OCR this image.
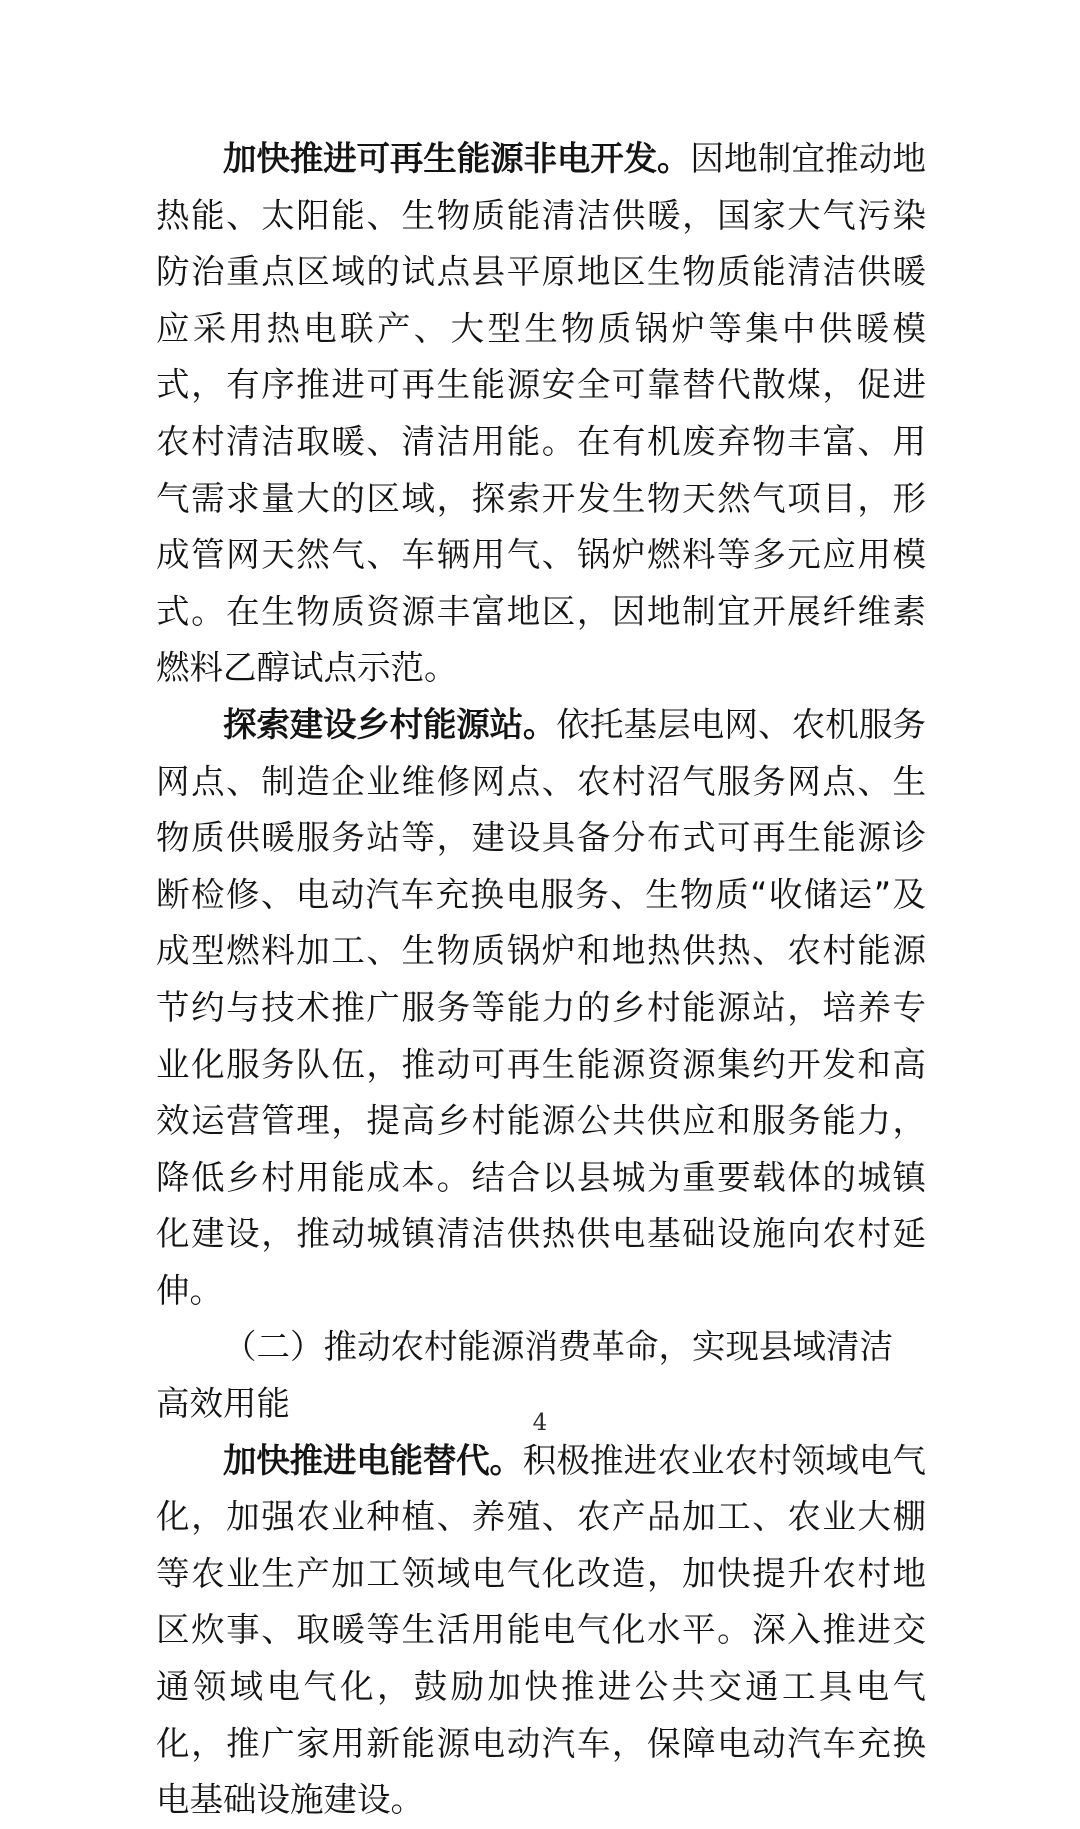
加快推进可再生能源非电开发。因地制宜推动地热能、太阳能、生物质能清洁供暖，国家大气污染防治重点区域的试点县平原地区生物质能清洁供暖应采用热电联产、大型生物质锅炉等集中供暖模式，有序推进可再生能源安全可靠替代散煤，促进农村清洁取暖、清洁用能。在有机废弃物丰富、用气需求量大的区域，探索开发生物天然气项目，形成管网天然气、车辆用气、锅炉燃料等多元应用模式。在生物质资源丰富地区，因地制宜开展纤维素燃料乙醇试点示范。

探索建设乡村能源站。依托基层电网、农机服务网点、制造企业维修网点、农村沼气服务网点、生物质供暖服务站等，建设具备分布式可再生能源诊断检修、电动汽车充换电服务、生物质“收储运”及成型燃料加工、生物质锅炉和地热供热、农村能源节约与技术推广服务等能力的乡村能源站，培养专业化服务队伍，推动可再生能源资源集约开发和高效运营管理，提高乡村能源公共供应和服务能力，降低乡村用能成本。结合以县城为重要载体的城镇化建设，推动城镇清洁供热供电基础设施向农村延伸。

（二）推动农村能源消费革命，实现县域清洁高效用能

加快推进电能替代。积极推进农业农村领域电气化，加强农业种植、养殖、农产品加工、农业大棚等农业生产加工领域电气化改造，加快提升农村地区炊事、取暖等生活用能电气化水平。深入推进交通领域电气化，鼓励加快推进公共交通工具电气化，推广家用新能源电动汽车，保障电动汽车充换电基础设施建设。

4
